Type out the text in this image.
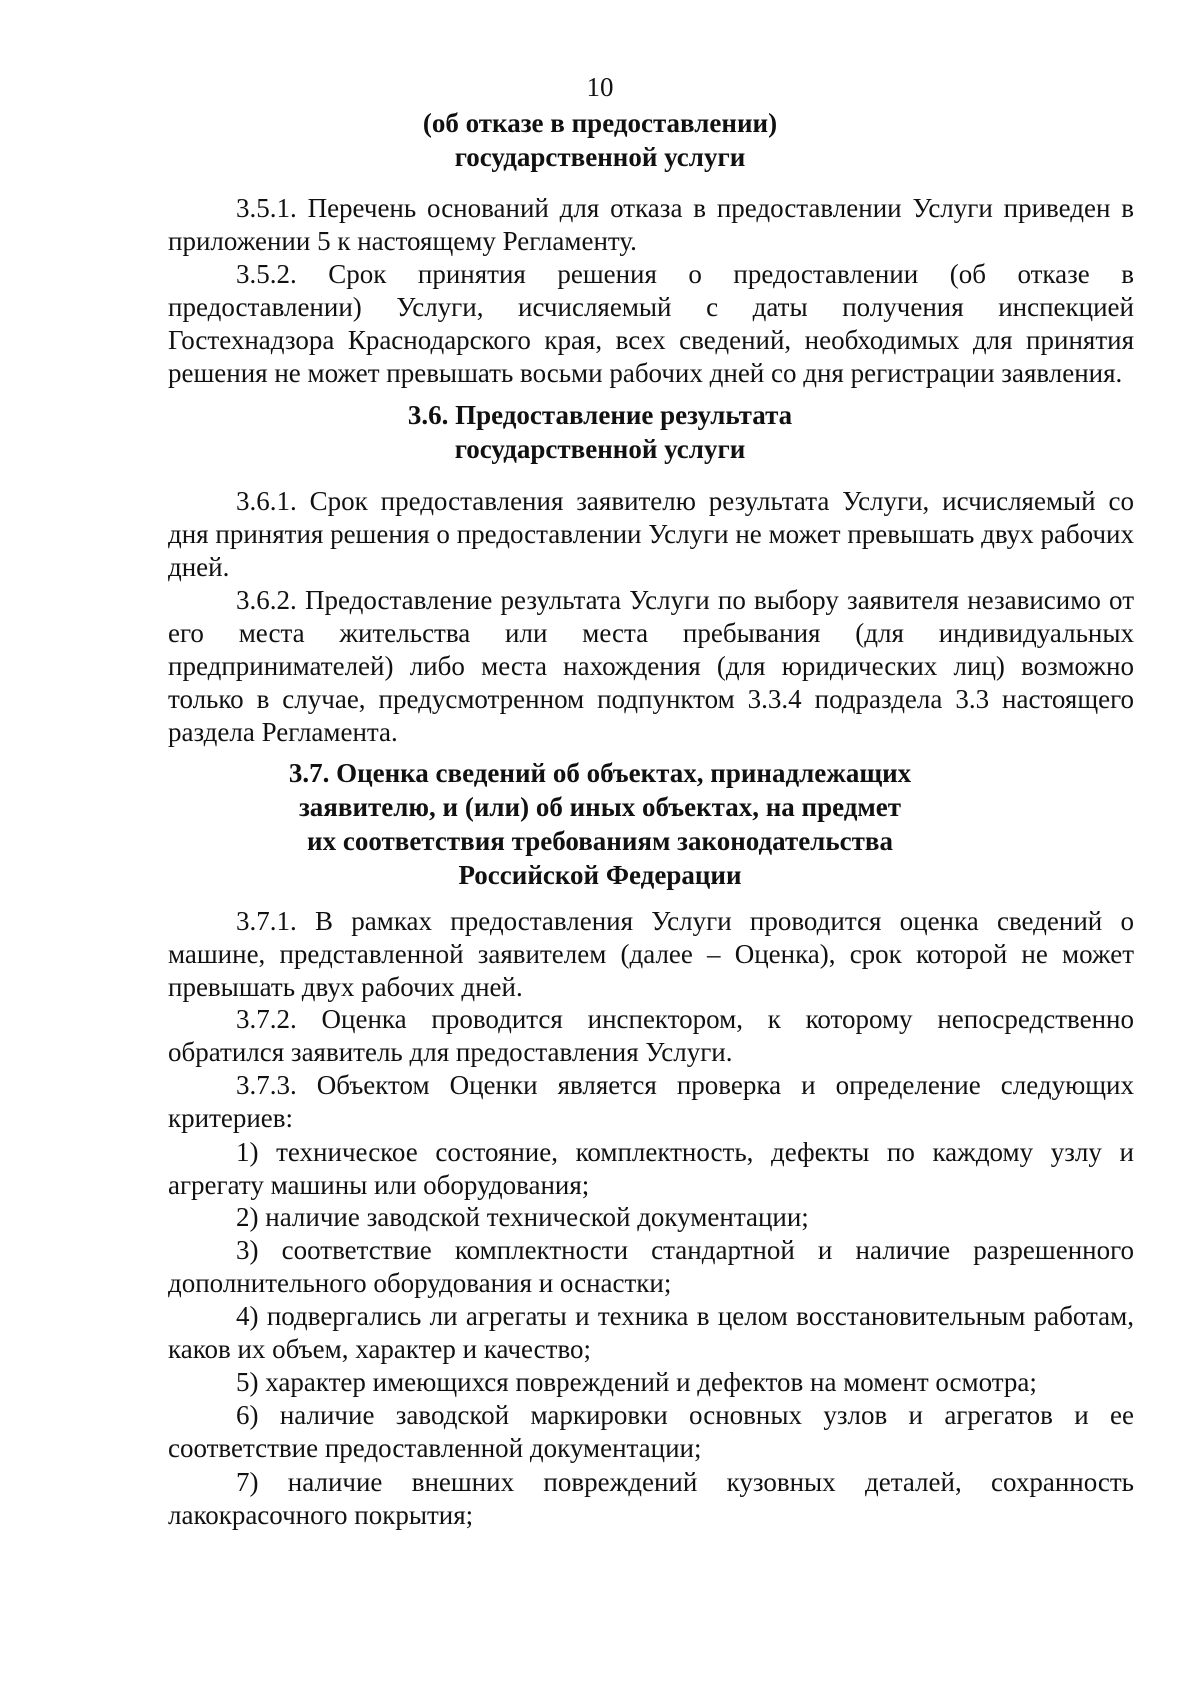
10
(об отказе в предоставлении)
государственной услуги
3.5.1. Перечень оснований для отказа в предоставлении Услуги приведен в приложении 5 к настоящему Регламенту.
3.5.2. Срок принятия решения о предоставлении (об отказе в предоставлении) Услуги, исчисляемый с даты получения инспекцией Гостехнадзора Краснодарского края, всех сведений, необходимых для принятия решения не может превышать восьми рабочих дней со дня регистрации заявления.
3.6. Предоставление результата
государственной услуги
3.6.1. Срок предоставления заявителю результата Услуги, исчисляемый со дня принятия решения о предоставлении Услуги не может превышать двух рабочих дней.
3.6.2. Предоставление результата Услуги по выбору заявителя независимо от его места жительства или места пребывания (для индивидуальных предпринимателей) либо места нахождения (для юридических лиц) возможно только в случае, предусмотренном подпунктом 3.3.4 подраздела 3.3 настоящего раздела Регламента.
3.7. Оценка сведений об объектах, принадлежащих
заявителю, и (или) об иных объектах, на предмет
их соответствия требованиям законодательства
Российской Федерации
3.7.1. В рамках предоставления Услуги проводится оценка сведений о машине, представленной заявителем (далее – Оценка), срок которой не может превышать двух рабочих дней.
3.7.2. Оценка проводится инспектором, к которому непосредственно обратился заявитель для предоставления Услуги.
3.7.3. Объектом Оценки является проверка и определение следующих критериев:
1) техническое состояние, комплектность, дефекты по каждому узлу и агрегату машины или оборудования;
2) наличие заводской технической документации;
3) соответствие комплектности стандартной и наличие разрешенного дополнительного оборудования и оснастки;
4) подвергались ли агрегаты и техника в целом восстановительным работам, каков их объем, характер и качество;
5) характер имеющихся повреждений и дефектов на момент осмотра;
6) наличие заводской маркировки основных узлов и агрегатов и ее соответствие предоставленной документации;
7) наличие внешних повреждений кузовных деталей, сохранность лакокрасочного покрытия;
